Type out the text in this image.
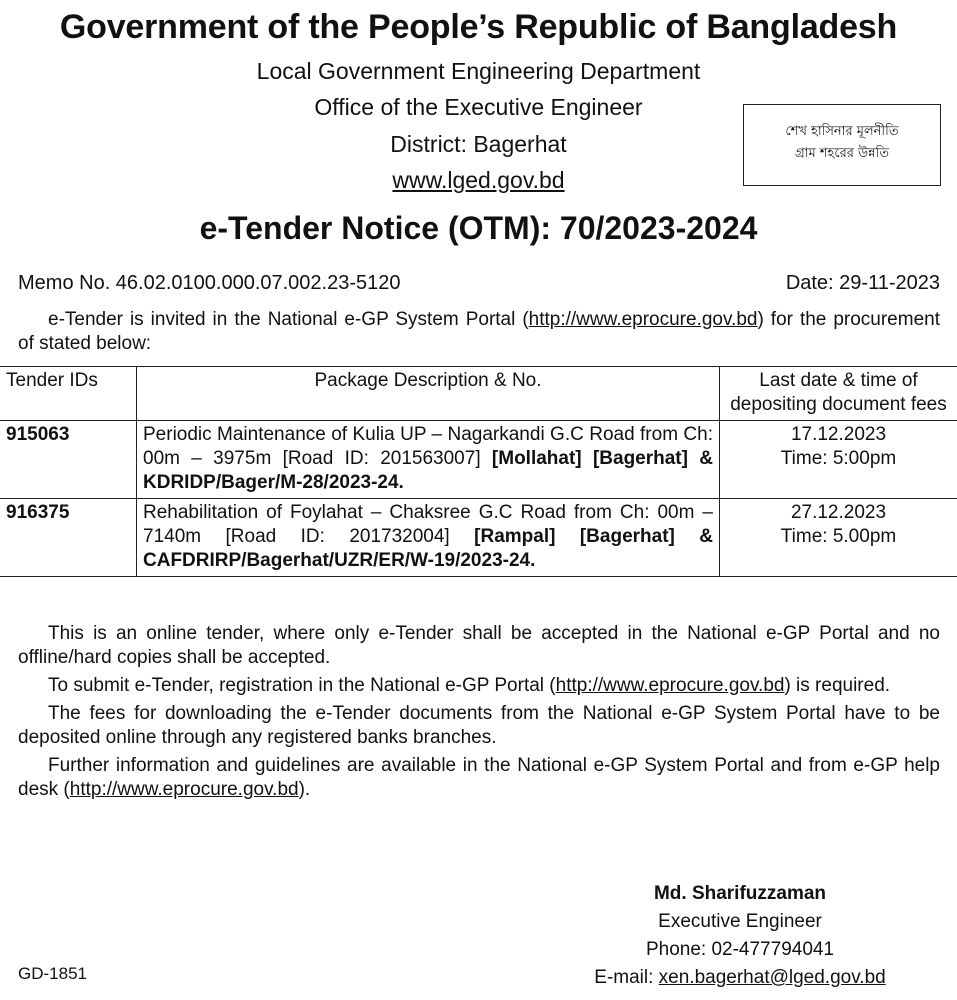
Government of the People’s Republic of Bangladesh
Local Government Engineering Department
Office of the Executive Engineer
District: Bagerhat
www.lged.gov.bd
শেখ হাসিনার মূলনীতি
গ্রাম শহরের উন্নতি
e-Tender Notice (OTM): 70/2023-2024
Memo No. 46.02.0100.000.07.002.23-5120	Date: 29-11-2023
e-Tender is invited in the National e-GP System Portal (http://www.eprocure.gov.bd) for the procurement of stated below:
Tender IDs	Package Description & No.	Last date & time of depositing document fees
915063	Periodic Maintenance of Kulia UP – Nagarkandi G.C Road from Ch: 00m – 3975m [Road ID: 201563007] [Mollahat] [Bagerhat] & KDRIDP/Bager/M-28/2023-24.	17.12.2023
Time: 5:00pm

916375	Rehabilitation of Foylahat – Chaksree G.C Road from Ch: 00m – 7140m [Road ID: 201732004] [Rampal] [Bagerhat] & CAFDRIRP/Bagerhat/UZR/ER/W-19/2023-24.	27.12.2023
Time: 5.00pm

This is an online tender, where only e-Tender shall be accepted in the National e-GP Portal and no offline/hard copies shall be accepted.

To submit e-Tender, registration in the National e-GP Portal (http://www.eprocure.gov.bd) is required.

The fees for downloading the e-Tender documents from the National e-GP System Portal have to be deposited online through any registered banks branches.

Further information and guidelines are available in the National e-GP System Portal and from e-GP help desk (http://www.eprocure.gov.bd).

Md. Sharifuzzaman
Executive Engineer
Phone: 02-477794041
E-mail: xen.bagerhat@lged.gov.bd
GD-1851
